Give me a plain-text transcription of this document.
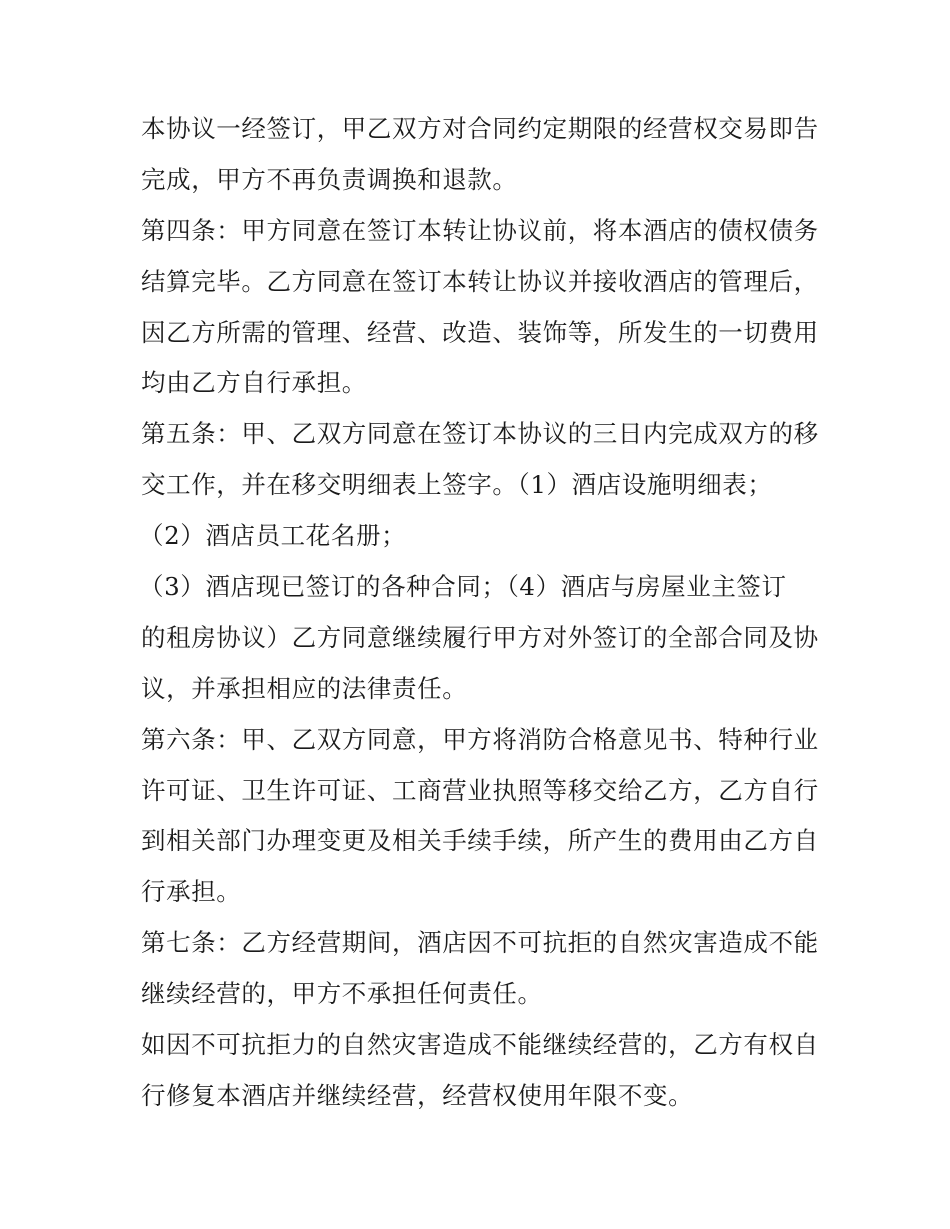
本协议一经签订，甲乙双方对合同约定期限的经营权交易即告
完成，甲方不再负责调换和退款。
第四条：甲方同意在签订本转让协议前，将本酒店的债权债务
结算完毕。乙方同意在签订本转让协议并接收酒店的管理后，
因乙方所需的管理、经营、改造、装饰等，所发生的一切费用
均由乙方自行承担。
第五条：甲、乙双方同意在签订本协议的三日内完成双方的移
交工作，并在移交明细表上签字。（1）酒店设施明细表；
（2）酒店员工花名册；
（3）酒店现已签订的各种合同；（4）酒店与房屋业主签订
的租房协议）乙方同意继续履行甲方对外签订的全部合同及协
议，并承担相应的法律责任。
第六条：甲、乙双方同意，甲方将消防合格意见书、特种行业
许可证、卫生许可证、工商营业执照等移交给乙方，乙方自行
到相关部门办理变更及相关手续手续，所产生的费用由乙方自
行承担。
第七条：乙方经营期间，酒店因不可抗拒的自然灾害造成不能
继续经营的，甲方不承担任何责任。
如因不可抗拒力的自然灾害造成不能继续经营的，乙方有权自
行修复本酒店并继续经营，经营权使用年限不变。
